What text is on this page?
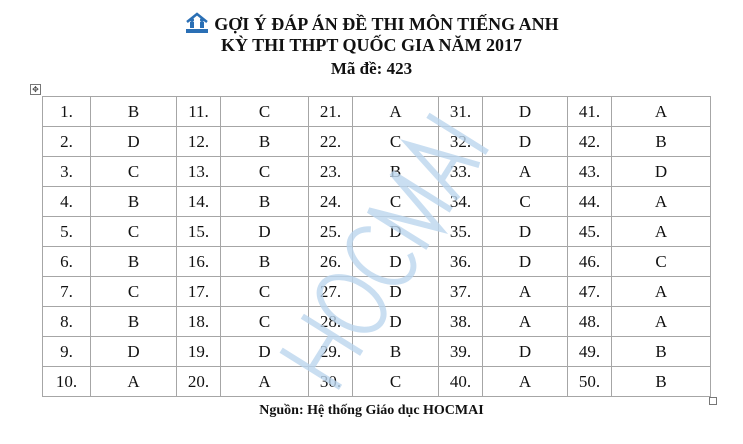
GỢI Ý ĐÁP ÁN ĐỀ THI MÔN TIẾNG ANH
KỲ THI THPT QUỐC GIA NĂM 2017
Mã đề: 423
✥
1.	B	11.	C	21.	A	31.	D	41.	A
2.	D	12.	B	22.	C	32.	D	42.	B
3.	C	13.	C	23.	B	33.	A	43.	D
4.	B	14.	B	24.	C	34.	C	44.	A
5.	C	15.	D	25.	D	35.	D	45.	A
6.	B	16.	B	26.	D	36.	D	46.	C
7.	C	17.	C	27.	D	37.	A	47.	A
8.	B	18.	C	28.	D	38.	A	48.	A
9.	D	19.	D	29.	B	39.	D	49.	B
10.	A	20.	A	30.	C	40.	A	50.	B
Nguồn: Hệ thống Giáo dục HOCMAI
